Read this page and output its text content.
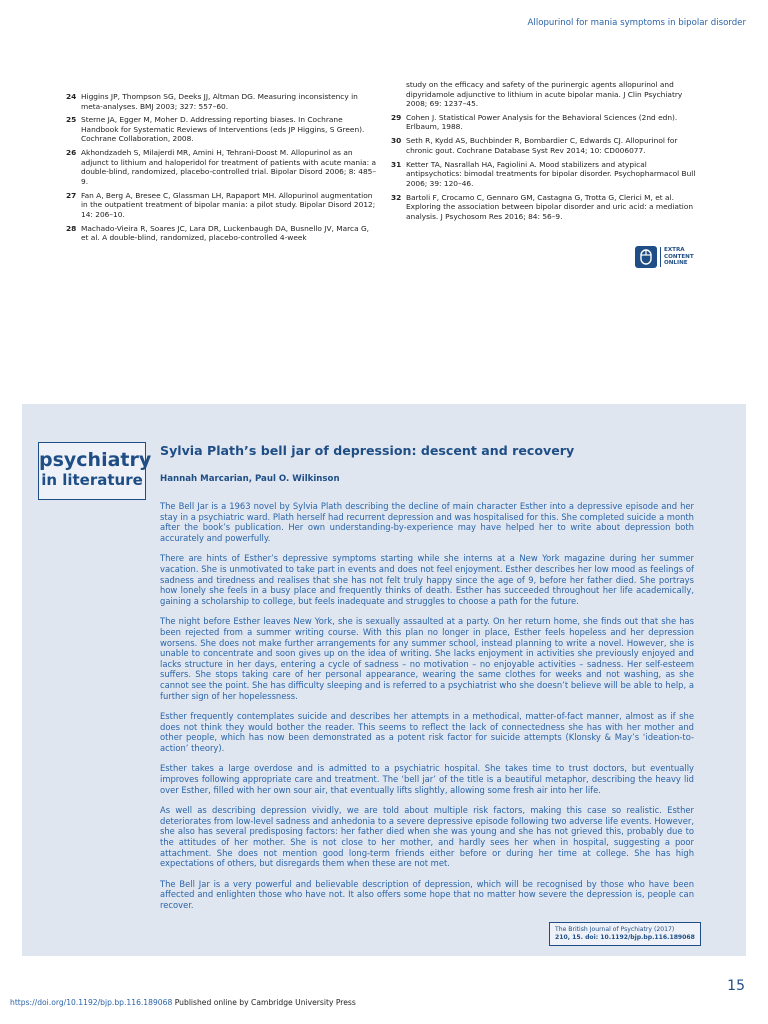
Allopurinol for mania symptoms in bipolar disorder
24 Higgins JP, Thompson SG, Deeks JJ, Altman DG. Measuring inconsistency in meta-analyses. BMJ 2003; 327: 557–60.
25 Sterne JA, Egger M, Moher D. Addressing reporting biases. In Cochrane Handbook for Systematic Reviews of Interventions (eds JP Higgins, S Green). Cochrane Collaboration, 2008.
26 Akhondzadeh S, Milajerdi MR, Amini H, Tehrani-Doost M. Allopurinol as an adjunct to lithium and haloperidol for treatment of patients with acute mania: a double-blind, randomized, placebo-controlled trial. Bipolar Disord 2006; 8: 485–9.
27 Fan A, Berg A, Bresee C, Glassman LH, Rapaport MH. Allopurinol augmentation in the outpatient treatment of bipolar mania: a pilot study. Bipolar Disord 2012; 14: 206–10.
28 Machado-Vieira R, Soares JC, Lara DR, Luckenbaugh DA, Busnello JV, Marca G, et al. A double-blind, randomized, placebo-controlled 4-week
study on the efficacy and safety of the purinergic agents allopurinol and dipyridamole adjunctive to lithium in acute bipolar mania. J Clin Psychiatry 2008; 69: 1237–45.
29 Cohen J. Statistical Power Analysis for the Behavioral Sciences (2nd edn). Erlbaum, 1988.
30 Seth R, Kydd AS, Buchbinder R, Bombardier C, Edwards CJ. Allopurinol for chronic gout. Cochrane Database Syst Rev 2014; 10: CD006077.
31 Ketter TA, Nasrallah HA, Fagiolini A. Mood stabilizers and atypical antipsychotics: bimodal treatments for bipolar disorder. Psychopharmacol Bull 2006; 39: 120–46.
32 Bartoli F, Crocamo C, Gennaro GM, Castagna G, Trotta G, Clerici M, et al. Exploring the association between bipolar disorder and uric acid: a mediation analysis. J Psychosom Res 2016; 84: 56–9.
EXTRA
CONTENT
ONLINE
psychiatry
in literature
Sylvia Plath’s bell jar of depression: descent and recovery
Hannah Marcarian, Paul O. Wilkinson

The Bell Jar is a 1963 novel by Sylvia Plath describing the decline of main character Esther into a depressive episode and her stay in a psychiatric ward. Plath herself had recurrent depression and was hospitalised for this. She completed suicide a month after the book’s publication. Her own understanding-by-experience may have helped her to write about depression both accurately and powerfully.

There are hints of Esther’s depressive symptoms starting while she interns at a New York magazine during her summer vacation. She is unmotivated to take part in events and does not feel enjoyment. Esther describes her low mood as feelings of sadness and tiredness and realises that she has not felt truly happy since the age of 9, before her father died. She portrays how lonely she feels in a busy place and frequently thinks of death. Esther has succeeded throughout her life academically, gaining a scholarship to college, but feels inadequate and struggles to choose a path for the future.

The night before Esther leaves New York, she is sexually assaulted at a party. On her return home, she finds out that she has been rejected from a summer writing course. With this plan no longer in place, Esther feels hopeless and her depression worsens. She does not make further arrangements for any summer school, instead planning to write a novel. However, she is unable to concentrate and soon gives up on the idea of writing. She lacks enjoyment in activities she previously enjoyed and lacks structure in her days, entering a cycle of sadness – no motivation – no enjoyable activities – sadness. Her self-esteem suffers. She stops taking care of her personal appearance, wearing the same clothes for weeks and not washing, as she cannot see the point. She has difficulty sleeping and is referred to a psychiatrist who she doesn’t believe will be able to help, a further sign of her hopelessness.

Esther frequently contemplates suicide and describes her attempts in a methodical, matter-of-fact manner, almost as if she does not think they would bother the reader. This seems to reflect the lack of connectedness she has with her mother and other people, which has now been demonstrated as a potent risk factor for suicide attempts (Klonsky & May’s ‘ideation-to-action’ theory).

Esther takes a large overdose and is admitted to a psychiatric hospital. She takes time to trust doctors, but eventually improves following appropriate care and treatment. The ‘bell jar’ of the title is a beautiful metaphor, describing the heavy lid over Esther, filled with her own sour air, that eventually lifts slightly, allowing some fresh air into her life.

As well as describing depression vividly, we are told about multiple risk factors, making this case so realistic. Esther deteriorates from low-level sadness and anhedonia to a severe depressive episode following two adverse life events. However, she also has several predisposing factors: her father died when she was young and she has not grieved this, probably due to the attitudes of her mother. She is not close to her mother, and hardly sees her when in hospital, suggesting a poor attachment. She does not mention good long-term friends either before or during her time at college. She has high expectations of others, but disregards them when these are not met.

The Bell Jar is a very powerful and believable description of depression, which will be recognised by those who have been affected and enlighten those who have not. It also offers some hope that no matter how severe the depression is, people can recover.

The British Journal of Psychiatry (2017)
210, 15. doi: 10.1192/bjp.bp.116.189068
15
https://doi.org/10.1192/bjp.bp.116.189068 Published online by Cambridge University Press
